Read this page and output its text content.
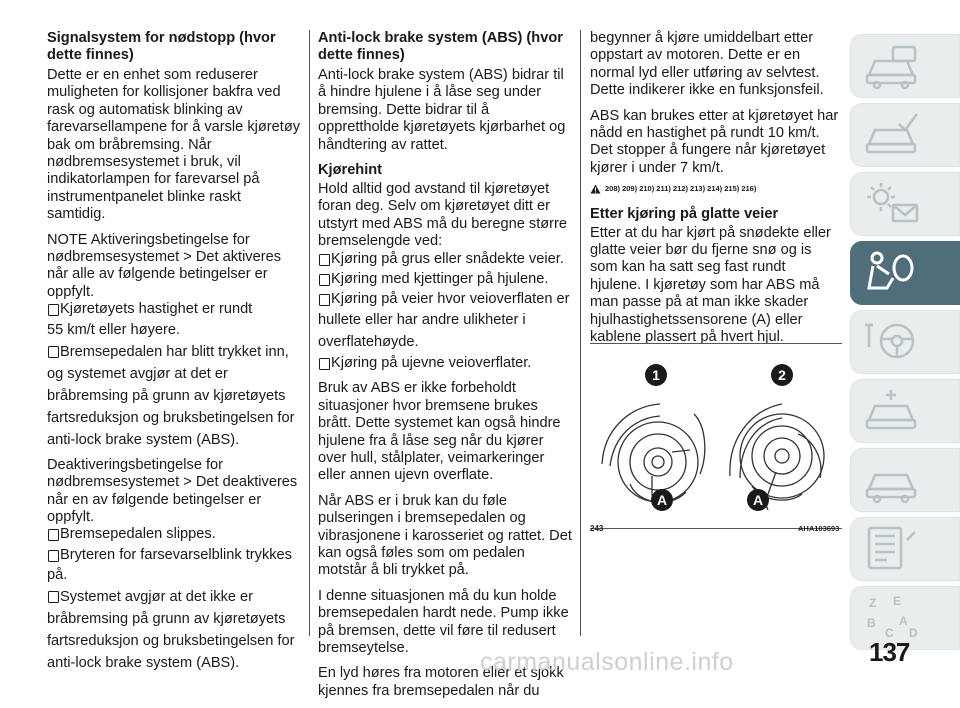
Signalsystem for nødstopp (hvor dette finnes)

Dette er en enhet som reduserer muligheten for kollisjoner bakfra ved rask og automatisk blinking av farevarsellampene for å varsle kjøretøy bak om bråbremsing. Når nødbremsesystemet i bruk, vil indikatorlampen for farevarsel på instrumentpanelet blinke raskt samtidig.

NOTE Aktiveringsbetingelse for nødbremsesystemet > Det aktiveres når alle av følgende betingelser er oppfylt.

Kjøretøyets hastighet er rundt
55 km/t eller høyere.
Bremsepedalen har blitt trykket inn,
og systemet avgjør at det er
bråbremsing på grunn av kjøretøyets
fartsreduksjon og bruksbetingelsen for
anti-lock brake system (ABS).

Deaktiveringsbetingelse for nødbremsesystemet > Det deaktiveres når en av følgende betingelser er oppfylt.

Bremsepedalen slippes.
Bryteren for farsevarselblink trykkes
på.
Systemet avgjør at det ikke er
bråbremsing på grunn av kjøretøyets
fartsreduksjon og bruksbetingelsen for
anti-lock brake system (ABS).
Anti-lock brake system (ABS) (hvor dette finnes)

Anti-lock brake system (ABS) bidrar til å hindre hjulene i å låse seg under bremsing. Dette bidrar til å opprettholde kjøretøyets kjørbarhet og håndtering av rattet.

Kjørehint

Hold alltid god avstand til kjøretøyet foran deg. Selv om kjøretøyet ditt er utstyrt med ABS må du beregne større bremselengde ved:

Kjøring på grus eller snådekte veier.
Kjøring med kjettinger på hjulene.
Kjøring på veier hvor veioverflaten er
hullete eller har andre ulikheter i
overflatehøyde.
Kjøring på ujevne veioverflater.

Bruk av ABS er ikke forbeholdt situasjoner hvor bremsene brukes brått. Dette systemet kan også hindre hjulene fra å låse seg når du kjører over hull, stålplater, veimarkeringer eller annen ujevn overflate.

Når ABS er i bruk kan du føle pulseringen i bremsepedalen og vibrasjonene i karosseriet og rattet. Det kan også føles som om pedalen motstår å bli trykket på.

I denne situasjonen må du kun holde bremsepedalen hardt nede. Pump ikke på bremsen, dette vil føre til redusert bremseytelse.

En lyd høres fra motoren eller et sjokk kjennes fra bremsepedalen når du

begynner å kjøre umiddelbart etter oppstart av motoren. Dette er en normal lyd eller utføring av selvtest. Dette indikerer ikke en funksjonsfeil.

ABS kan brukes etter at kjøretøyet har nådd en hastighet på rundt 10 km/t. Det stopper å fungere når kjøretøyet kjører i under 7 km/t.

208) 209) 210) 211) 212) 213) 214) 215) 216)
Etter kjøring på glatte veier

Etter at du har kjørt på snødekte eller glatte veier bør du fjerne snø og is som kan ha satt seg fast rundt hjulene. I kjøretøy som har ABS må man passe på at man ikke skader hjulhastighetssensorene (A) eller kablene plassert på hvert hjul.

1	2
A	A
243	AHA103693
Z E
B
C
A
D
137
carmanualsonline.info
